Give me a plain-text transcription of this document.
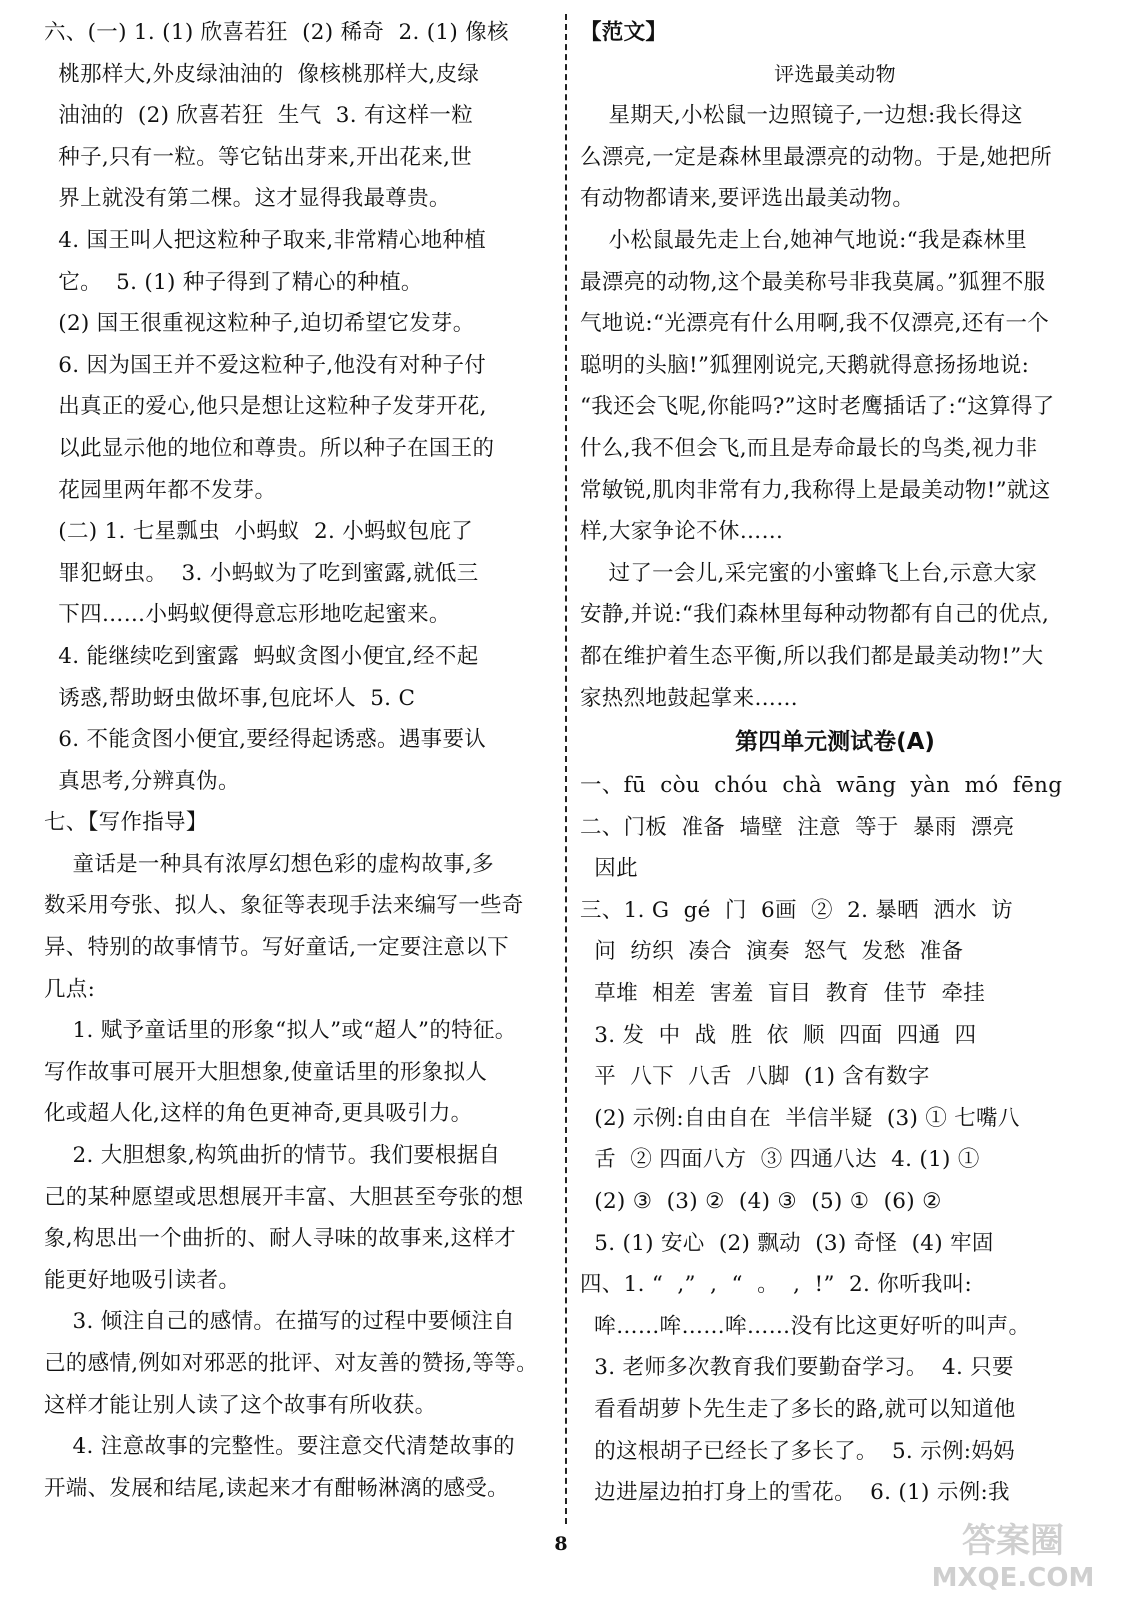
六、(一) 1. (1) 欣喜若狂  (2) 稀奇  2. (1) 像核
桃那样大,外皮绿油油的  像核桃那样大,皮绿
油油的  (2) 欣喜若狂  生气  3. 有这样一粒
种子,只有一粒。等它钻出芽来,开出花来,世
界上就没有第二棵。这才显得我最尊贵。
4. 国王叫人把这粒种子取来,非常精心地种植
它。  5. (1) 种子得到了精心的种植。
(2) 国王很重视这粒种子,迫切希望它发芽。
6. 因为国王并不爱这粒种子,他没有对种子付
出真正的爱心,他只是想让这粒种子发芽开花,
以此显示他的地位和尊贵。所以种子在国王的
花园里两年都不发芽。
(二) 1. 七星瓢虫  小蚂蚁  2. 小蚂蚁包庇了
罪犯蚜虫。  3. 小蚂蚁为了吃到蜜露,就低三
下四……小蚂蚁便得意忘形地吃起蜜来。
4. 能继续吃到蜜露  蚂蚁贪图小便宜,经不起
诱惑,帮助蚜虫做坏事,包庇坏人  5. C
6. 不能贪图小便宜,要经得起诱惑。遇事要认
真思考,分辨真伪。
七、【写作指导】
童话是一种具有浓厚幻想色彩的虚构故事,多
数采用夸张、拟人、象征等表现手法来编写一些奇
异、特别的故事情节。写好童话,一定要注意以下
几点:
1. 赋予童话里的形象“拟人”或“超人”的特征。
写作故事可展开大胆想象,使童话里的形象拟人
化或超人化,这样的角色更神奇,更具吸引力。
2. 大胆想象,构筑曲折的情节。我们要根据自
己的某种愿望或思想展开丰富、大胆甚至夸张的想
象,构思出一个曲折的、耐人寻味的故事来,这样才
能更好地吸引读者。
3. 倾注自己的感情。在描写的过程中要倾注自
己的感情,例如对邪恶的批评、对友善的赞扬,等等。
这样才能让别人读了这个故事有所收获。
4. 注意故事的完整性。要注意交代清楚故事的
开端、发展和结尾,读起来才有酣畅淋漓的感受。
【范文】
评选最美动物
星期天,小松鼠一边照镜子,一边想:我长得这
么漂亮,一定是森林里最漂亮的动物。于是,她把所
有动物都请来,要评选出最美动物。
小松鼠最先走上台,她神气地说:“我是森林里
最漂亮的动物,这个最美称号非我莫属。”狐狸不服
气地说:“光漂亮有什么用啊,我不仅漂亮,还有一个
聪明的头脑!”狐狸刚说完,天鹅就得意扬扬地说:
“我还会飞呢,你能吗?”这时老鹰插话了:“这算得了
什么,我不但会飞,而且是寿命最长的鸟类,视力非
常敏锐,肌肉非常有力,我称得上是最美动物!”就这
样,大家争论不休……
过了一会儿,采完蜜的小蜜蜂飞上台,示意大家
安静,并说:“我们森林里每种动物都有自己的优点,
都在维护着生态平衡,所以我们都是最美动物!”大
家热烈地鼓起掌来……
第四单元测试卷(A)
一、fū  còu  chóu  chà  wāng  yàn  mó  fēng
二、门板  准备  墙壁  注意  等于  暴雨  漂亮
因此
三、1. G  gé  门  6画  ②  2. 暴晒  洒水  访
问  纺织  凑合  演奏  怒气  发愁  准备
草堆  相差  害羞  盲目  教育  佳节  牵挂
3. 发  中  战  胜  依  顺  四面  四通  四
平  八下  八舌  八脚  (1) 含有数字
(2) 示例:自由自在  半信半疑  (3) ① 七嘴八
舌  ② 四面八方  ③ 四通八达  4. (1) ①
(2) ③  (3) ②  (4) ③  (5) ①  (6) ②
5. (1) 安心  (2) 飘动  (3) 奇怪  (4) 牢固
四、1. “  ,”  ,  “  。  ,  !”  2. 你听我叫:
哞……哞……哞……没有比这更好听的叫声。
3. 老师多次教育我们要勤奋学习。  4. 只要
看看胡萝卜先生走了多长的路,就可以知道他
的这根胡子已经长了多长了。  5. 示例:妈妈
边进屋边拍打身上的雪花。  6. (1) 示例:我
8	答案圈
MXQE.COM
